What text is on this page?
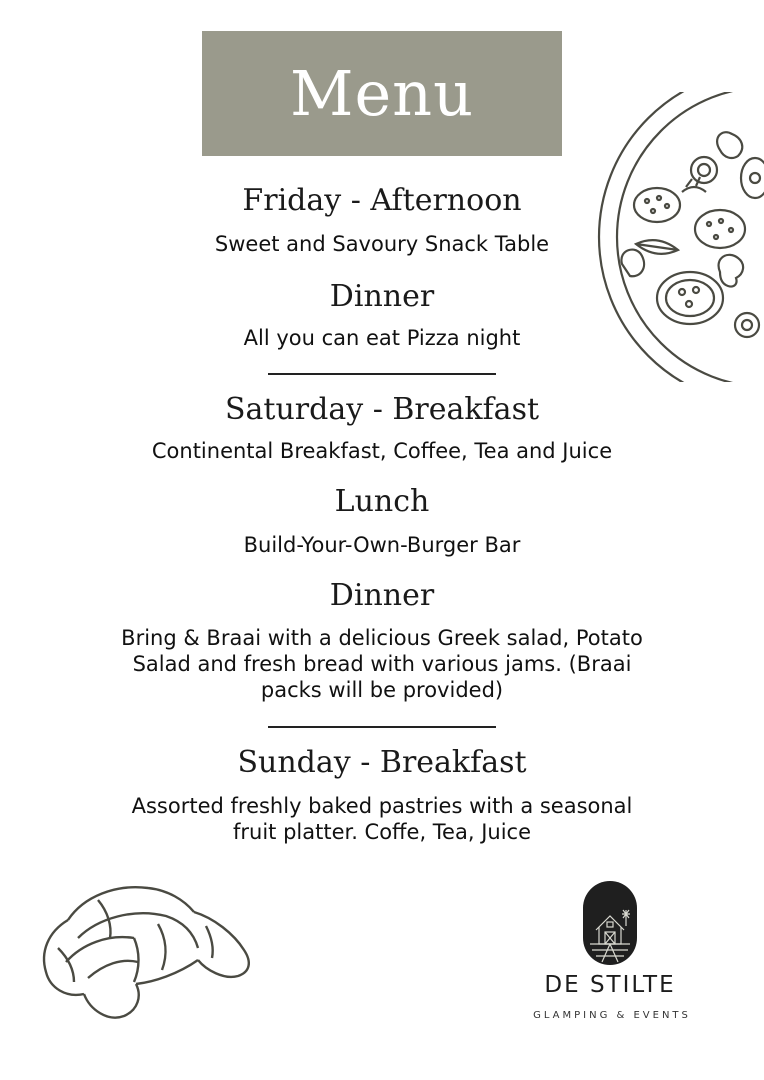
Menu
Friday - Afternoon
Sweet and Savoury Snack Table
Dinner
All you can eat Pizza night
Saturday - Breakfast
Continental Breakfast, Coffee, Tea and Juice
Lunch
Build-Your-Own-Burger Bar
Dinner
Bring & Braai with a delicious Greek salad, Potato
Salad and fresh bread with various jams. (Braai
packs will be provided)
Sunday - Breakfast
Assorted freshly baked pastries with a seasonal
fruit platter. Coffe, Tea, Juice
DE STILTE
GLAMPING & EVENTS
